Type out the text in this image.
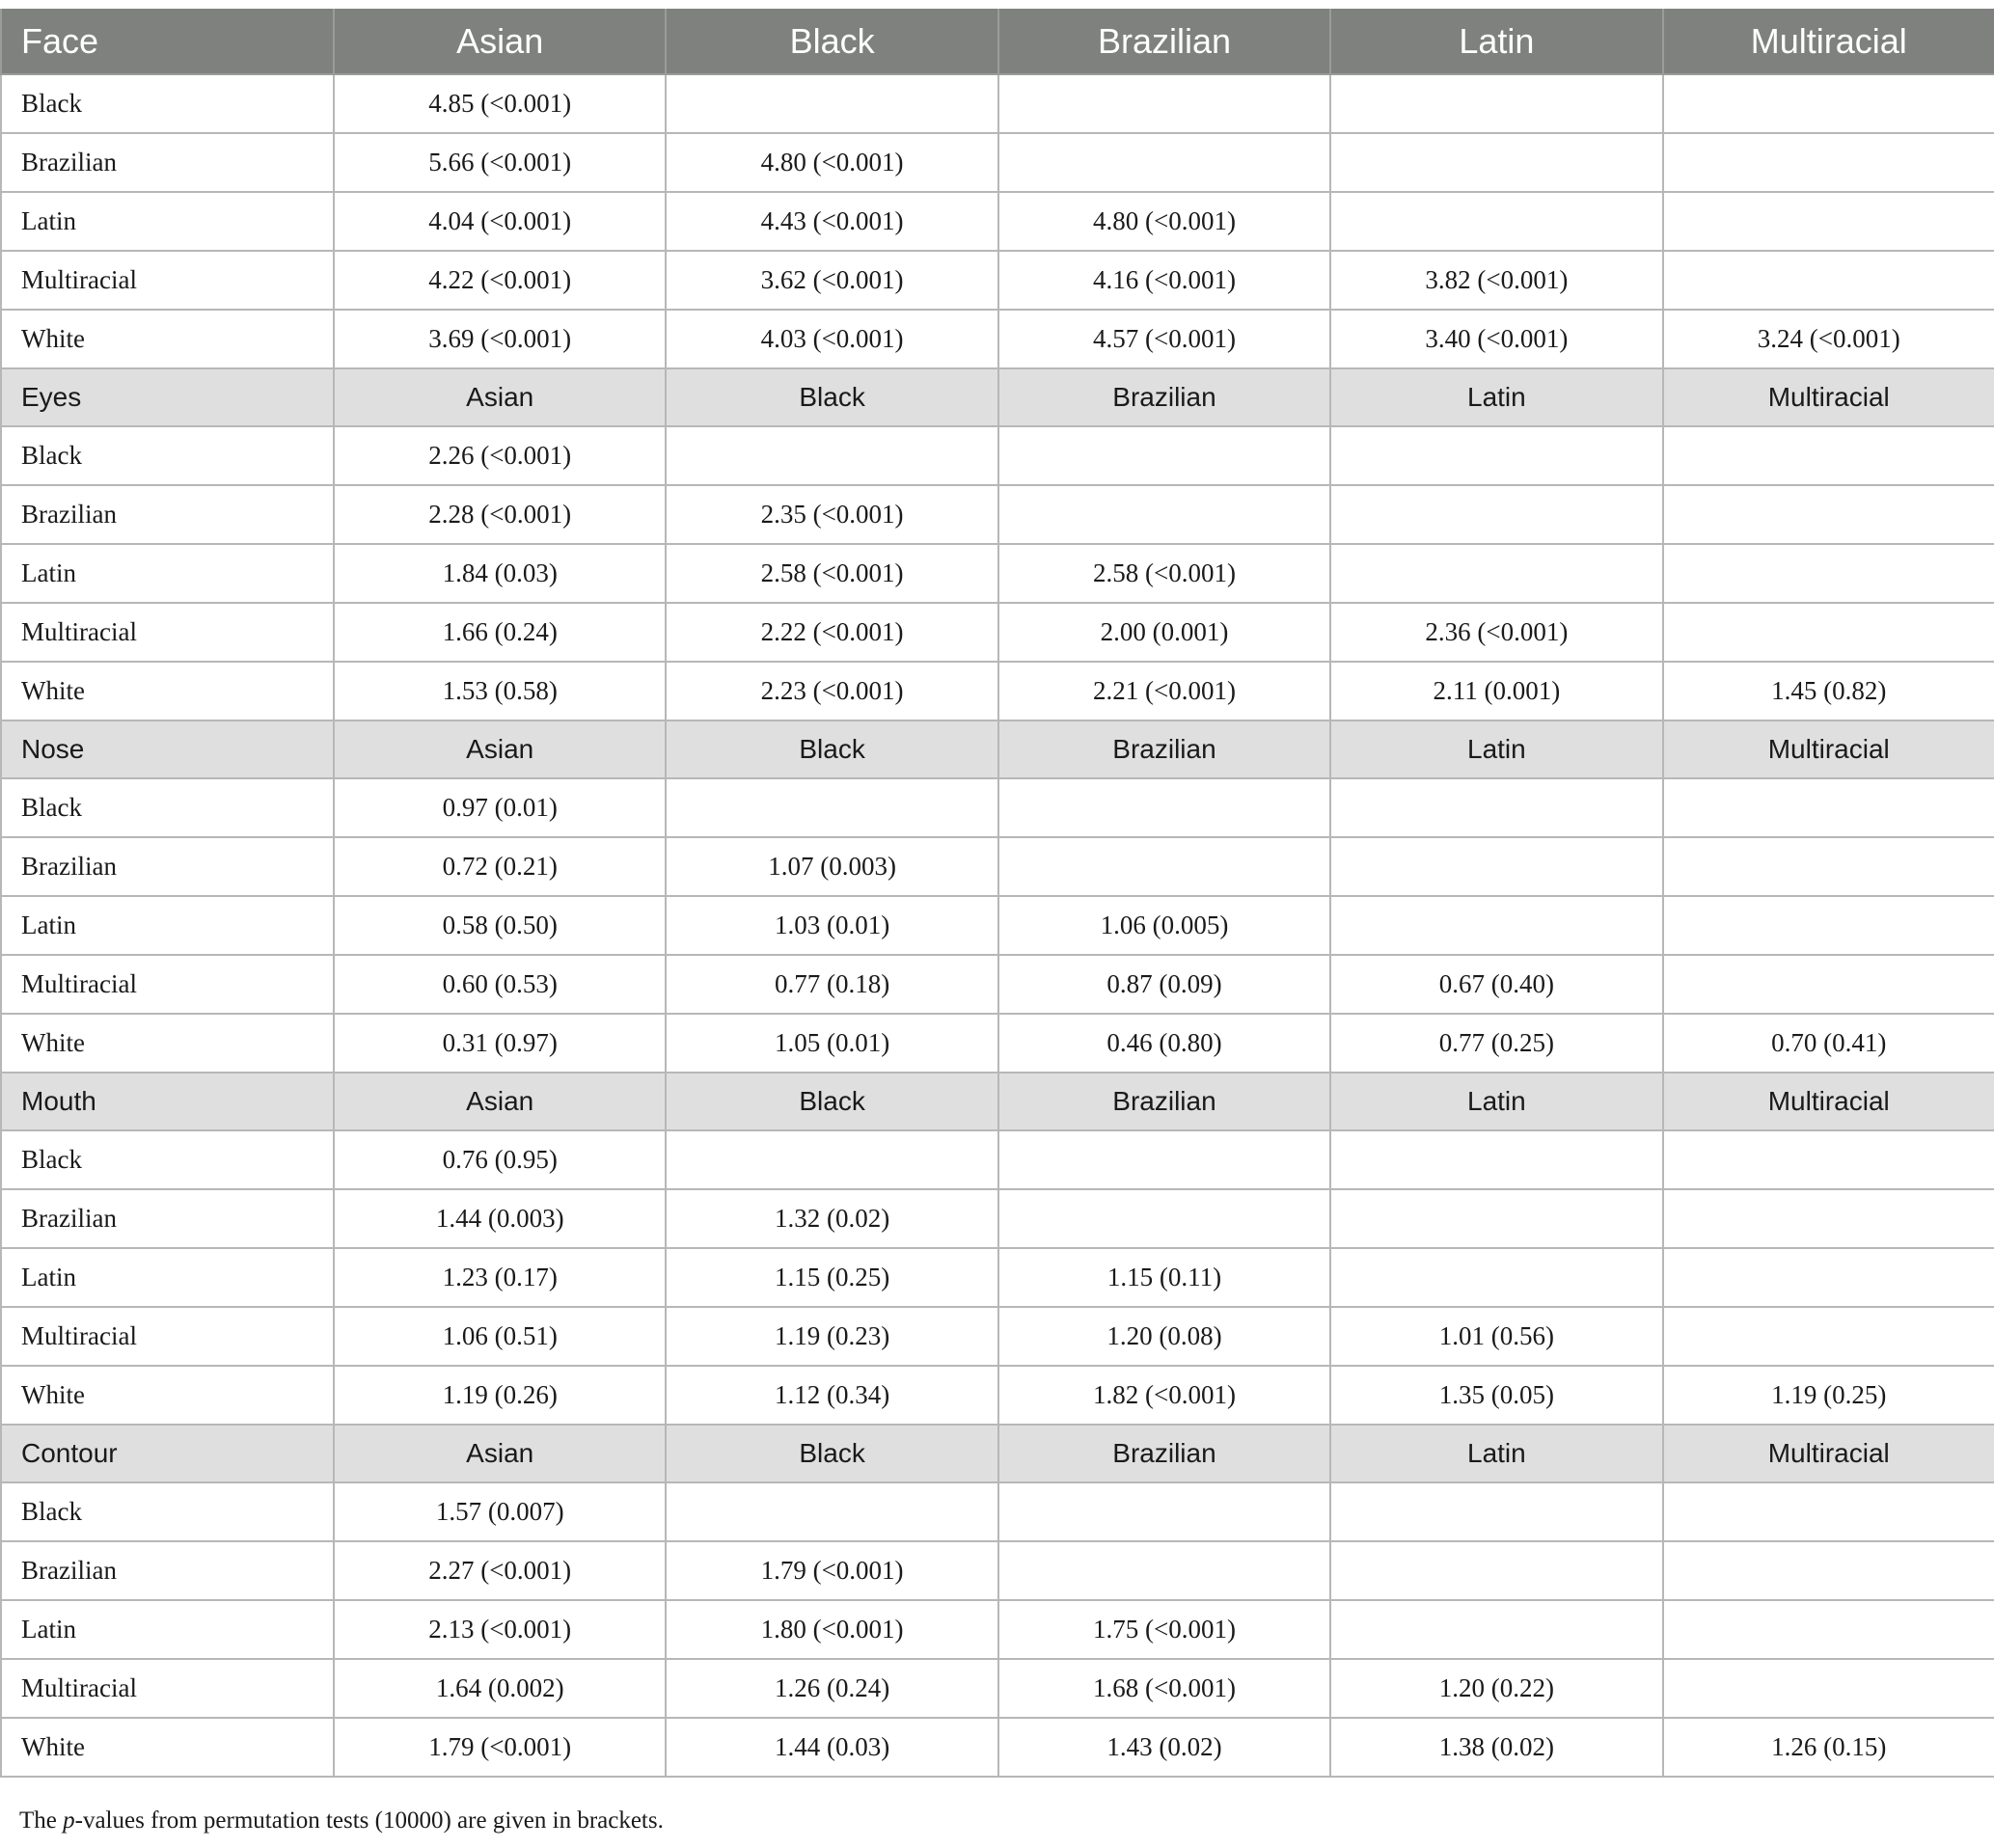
Face	Asian	Black	Brazilian	Latin	Multiracial
Black	4.85 (<0.001)				
Brazilian	5.66 (<0.001)	4.80 (<0.001)			
Latin	4.04 (<0.001)	4.43 (<0.001)	4.80 (<0.001)		
Multiracial	4.22 (<0.001)	3.62 (<0.001)	4.16 (<0.001)	3.82 (<0.001)	
White	3.69 (<0.001)	4.03 (<0.001)	4.57 (<0.001)	3.40 (<0.001)	3.24 (<0.001)
Eyes	Asian	Black	Brazilian	Latin	Multiracial
Black	2.26 (<0.001)				
Brazilian	2.28 (<0.001)	2.35 (<0.001)			
Latin	1.84 (0.03)	2.58 (<0.001)	2.58 (<0.001)		
Multiracial	1.66 (0.24)	2.22 (<0.001)	2.00 (0.001)	2.36 (<0.001)	
White	1.53 (0.58)	2.23 (<0.001)	2.21 (<0.001)	2.11 (0.001)	1.45 (0.82)
Nose	Asian	Black	Brazilian	Latin	Multiracial
Black	0.97 (0.01)				
Brazilian	0.72 (0.21)	1.07 (0.003)			
Latin	0.58 (0.50)	1.03 (0.01)	1.06 (0.005)		
Multiracial	0.60 (0.53)	0.77 (0.18)	0.87 (0.09)	0.67 (0.40)	
White	0.31 (0.97)	1.05 (0.01)	0.46 (0.80)	0.77 (0.25)	0.70 (0.41)
Mouth	Asian	Black	Brazilian	Latin	Multiracial
Black	0.76 (0.95)				
Brazilian	1.44 (0.003)	1.32 (0.02)			
Latin	1.23 (0.17)	1.15 (0.25)	1.15 (0.11)		
Multiracial	1.06 (0.51)	1.19 (0.23)	1.20 (0.08)	1.01 (0.56)	
White	1.19 (0.26)	1.12 (0.34)	1.82 (<0.001)	1.35 (0.05)	1.19 (0.25)
Contour	Asian	Black	Brazilian	Latin	Multiracial
Black	1.57 (0.007)				
Brazilian	2.27 (<0.001)	1.79 (<0.001)			
Latin	2.13 (<0.001)	1.80 (<0.001)	1.75 (<0.001)		
Multiracial	1.64 (0.002)	1.26 (0.24)	1.68 (<0.001)	1.20 (0.22)	
White	1.79 (<0.001)	1.44 (0.03)	1.43 (0.02)	1.38 (0.02)	1.26 (0.15)
The p-values from permutation tests (10000) are given in brackets.
